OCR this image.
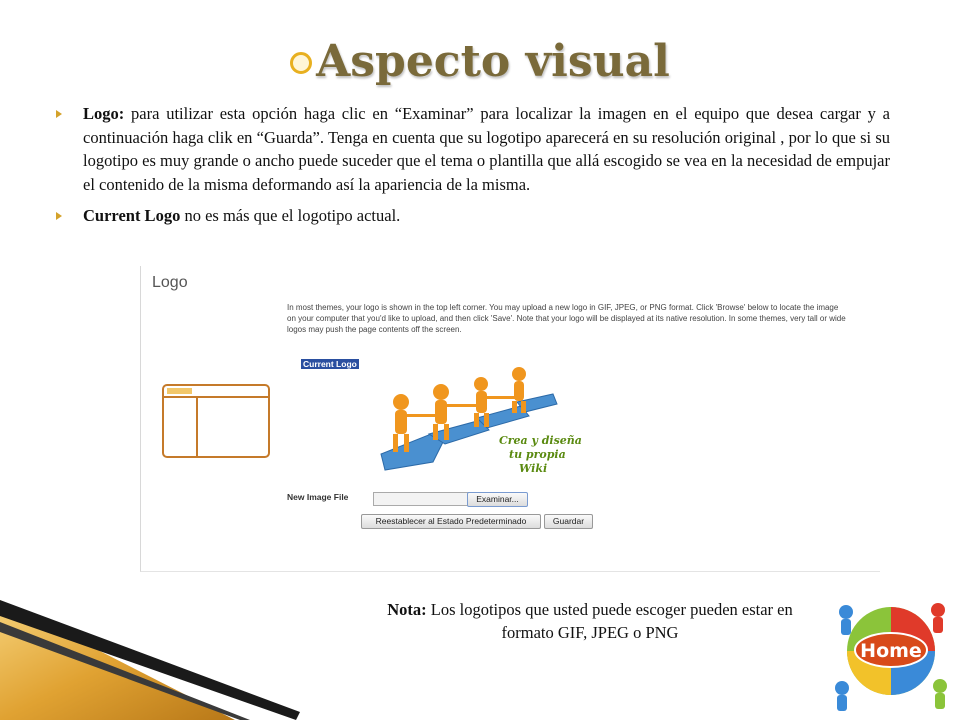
Aspecto visual
Logo: para utilizar esta opción haga clic en “Examinar” para localizar la imagen en el equipo que desea cargar y a continuación haga clik en “Guarda”. Tenga en cuenta que su logotipo aparecerá en su resolución original , por lo que si su logotipo es muy grande o ancho puede suceder que el tema o plantilla que allá escogido se vea en la necesidad de empujar el contenido de la misma deformando así la apariencia de la misma.
Current Logo no es más que el logotipo actual.
Logo
In most themes, your logo is shown in the top left corner. You may upload a new logo in GIF, JPEG, or PNG format. Click 'Browse' below to locate the image on your computer that you'd like to upload, and then click 'Save'. Note that your logo will be displayed at its native resolution. In some themes, very tall or wide logos may push the page contents off the screen.
Current Logo
Crea y diseña
tu propia
Wiki
New Image File	Examinar...
Reestablecer al Estado Predeterminado	Guardar
Nota: Los logotipos que usted puede escoger pueden estar en formato GIF, JPEG o PNG
Home
